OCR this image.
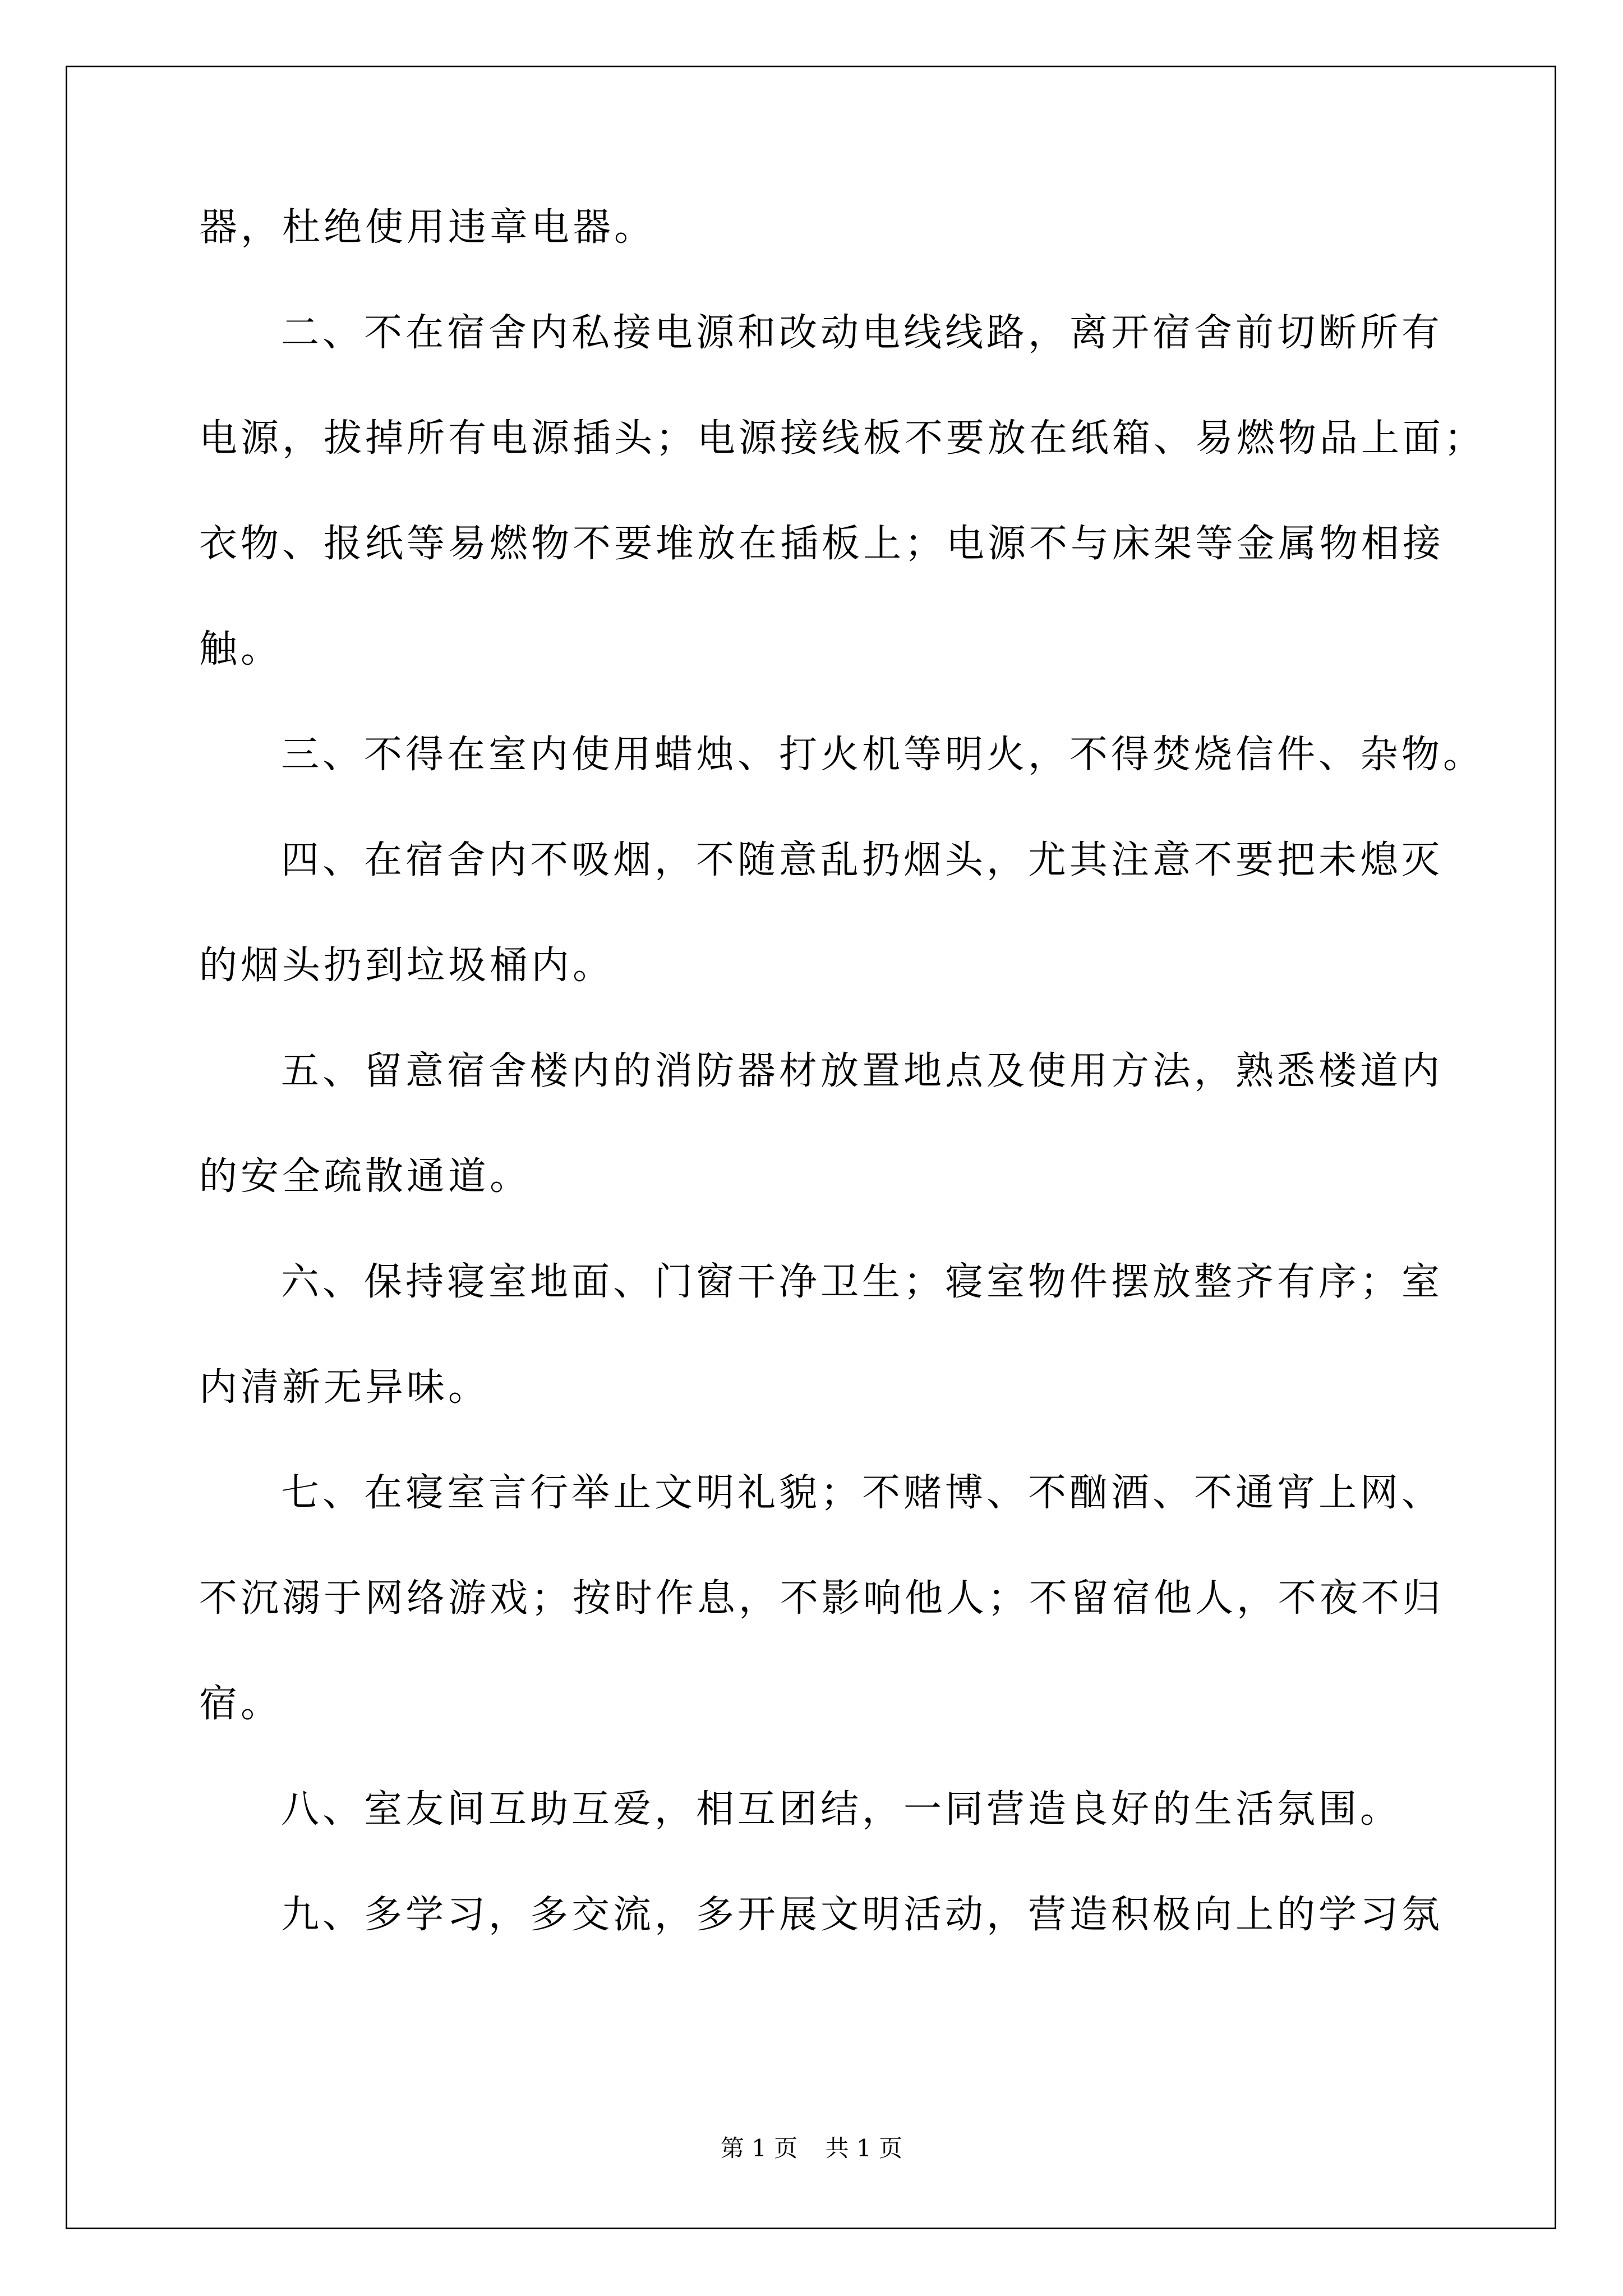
器，杜绝使用违章电器。
二、不在宿舍内私接电源和改动电线线路，离开宿舍前切断所有
电源，拔掉所有电源插头；电源接线板不要放在纸箱、易燃物品上面；
衣物、报纸等易燃物不要堆放在插板上；电源不与床架等金属物相接
触。
三、不得在室内使用蜡烛、打火机等明火，不得焚烧信件、杂物。
四、在宿舍内不吸烟，不随意乱扔烟头，尤其注意不要把未熄灭
的烟头扔到垃圾桶内。
五、留意宿舍楼内的消防器材放置地点及使用方法，熟悉楼道内
的安全疏散通道。
六、保持寝室地面、门窗干净卫生；寝室物件摆放整齐有序；室
内清新无异味。
七、在寝室言行举止文明礼貌；不赌博、不酗酒、不通宵上网、
不沉溺于网络游戏；按时作息，不影响他人；不留宿他人，不夜不归
宿。
八、室友间互助互爱，相互团结，一同营造良好的生活氛围。
九、多学习，多交流，多开展文明活动，营造积极向上的学习氛
第 1 页 共 1 页
